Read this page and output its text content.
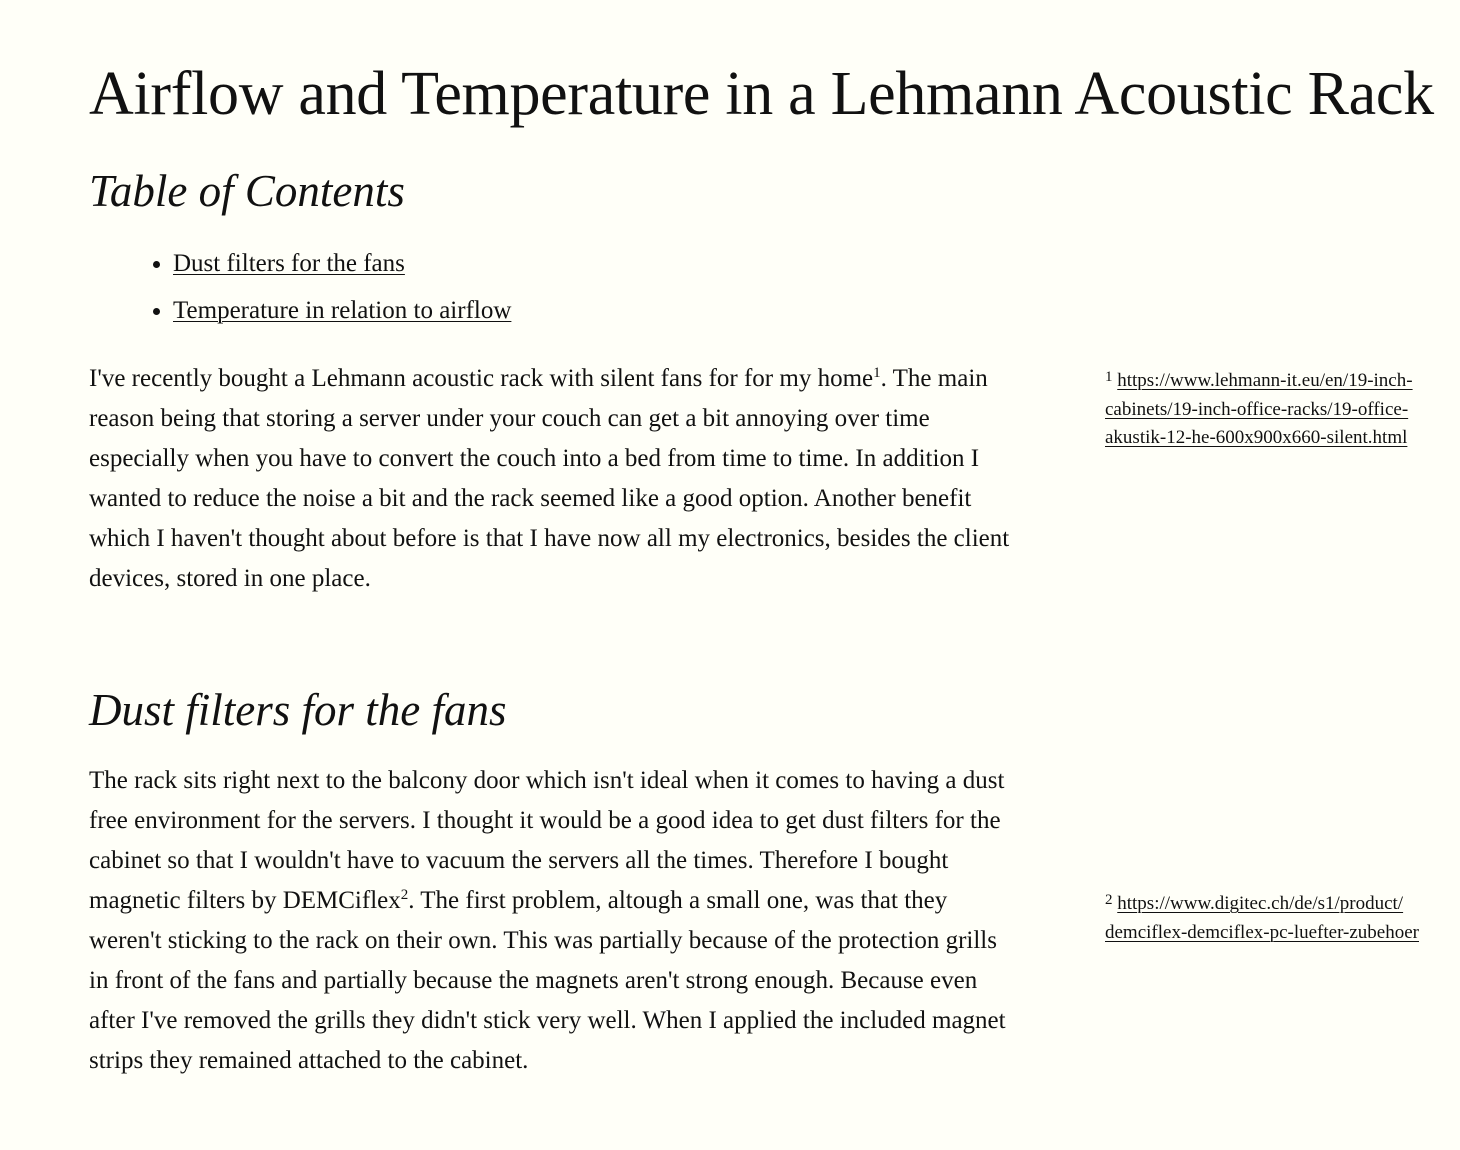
Airflow and Temperature in a Lehmann Acoustic Rack
Table of Contents
• Dust filters for the fans
• Temperature in relation to airflow

I've recently bought a Lehmann acoustic rack with silent fans for for my home$^1$. The main reason being that storing a server under your couch can get a bit annoying over time especially when you have to convert the couch into a bed from time to time. In addition I wanted to reduce the noise a bit and the rack seemed like a good option. Another benefit which I haven't thought about before is that I have now all my electronics, besides the client devices, stored in one place.

$^1$ https://www.lehmann-it.eu/en/19-inch-

cabinets/19-inch-office-racks/19-office-
akustik-12-he-600x900x660-silent.html

Dust filters for the fans

The rack sits right next to the balcony door which isn't ideal when it comes to having a dust free environment for the servers. I thought it would be a good idea to get dust filters for the cabinet so that I wouldn't have to vacuum the servers all the times. Therefore I bought magnetic filters by DEMCiflex$^2$. The first problem, altough a small one, was that they weren't sticking to the rack on their own. This was partially because of the protection grills in front of the fans and partially because the magnets aren't strong enough. Because even after I've removed the grills they didn't stick very well. When I applied the included magnet strips they remained attached to the cabinet.

$^2$ https://www.digitec.ch/de/s1/product/

demciflex-demciflex-pc-luefter-zubehoer
